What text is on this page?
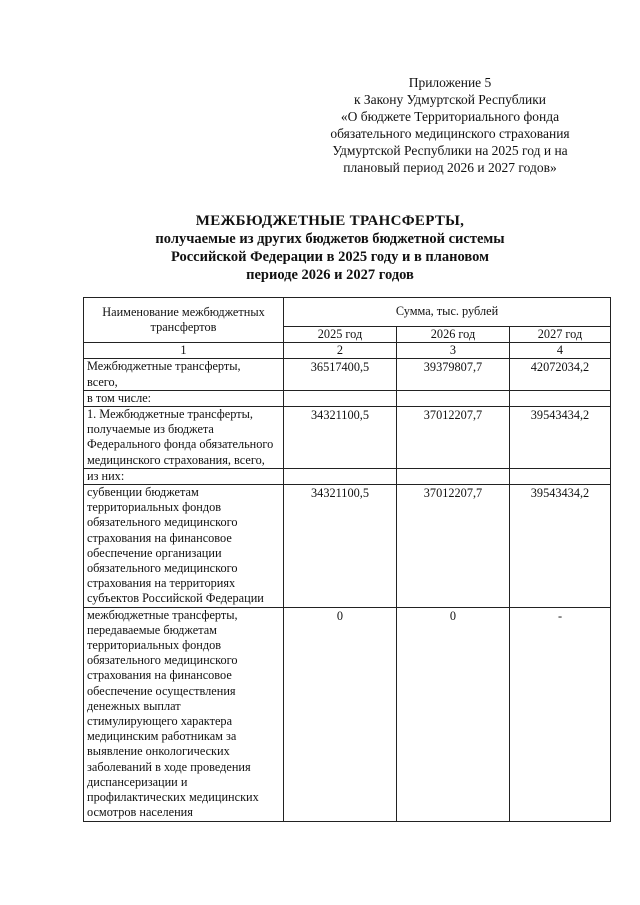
Приложение 5
к Закону Удмуртской Республики
«О бюджете Территориального фонда
обязательного медицинского страхования
Удмуртской Республики на 2025 год и на
плановый период 2026 и 2027 годов»
МЕЖБЮДЖЕТНЫЕ ТРАНСФЕРТЫ,
получаемые из других бюджетов бюджетной системы
Российской Федерации в 2025 году и в плановом
периоде 2026 и 2027 годов
Наименование межбюджетных трансфертов	Сумма, тыс. рублей		
	2025 год	2026 год	2027 год
1	2	3	4
Межбюджетные трансферты, всего,	36517400,5	39379807,7	42072034,2
в том числе:			
1. Межбюджетные трансферты, получаемые из бюджета Федерального фонда обязательного медицинского страхования, всего,	34321100,5	37012207,7	39543434,2
из них:			
субвенции бюджетам территориальных фондов обязательного медицинского страхования на финансовое обеспечение организации обязательного медицинского страхования на территориях субъектов Российской Федерации	34321100,5	37012207,7	39543434,2
межбюджетные трансферты, передаваемые бюджетам территориальных фондов обязательного медицинского страхования на финансовое обеспечение осуществления денежных выплат стимулирующего характера медицинским работникам за выявление онкологических заболеваний в ходе проведения диспансеризации и профилактических медицинских осмотров населения	0	0	-
